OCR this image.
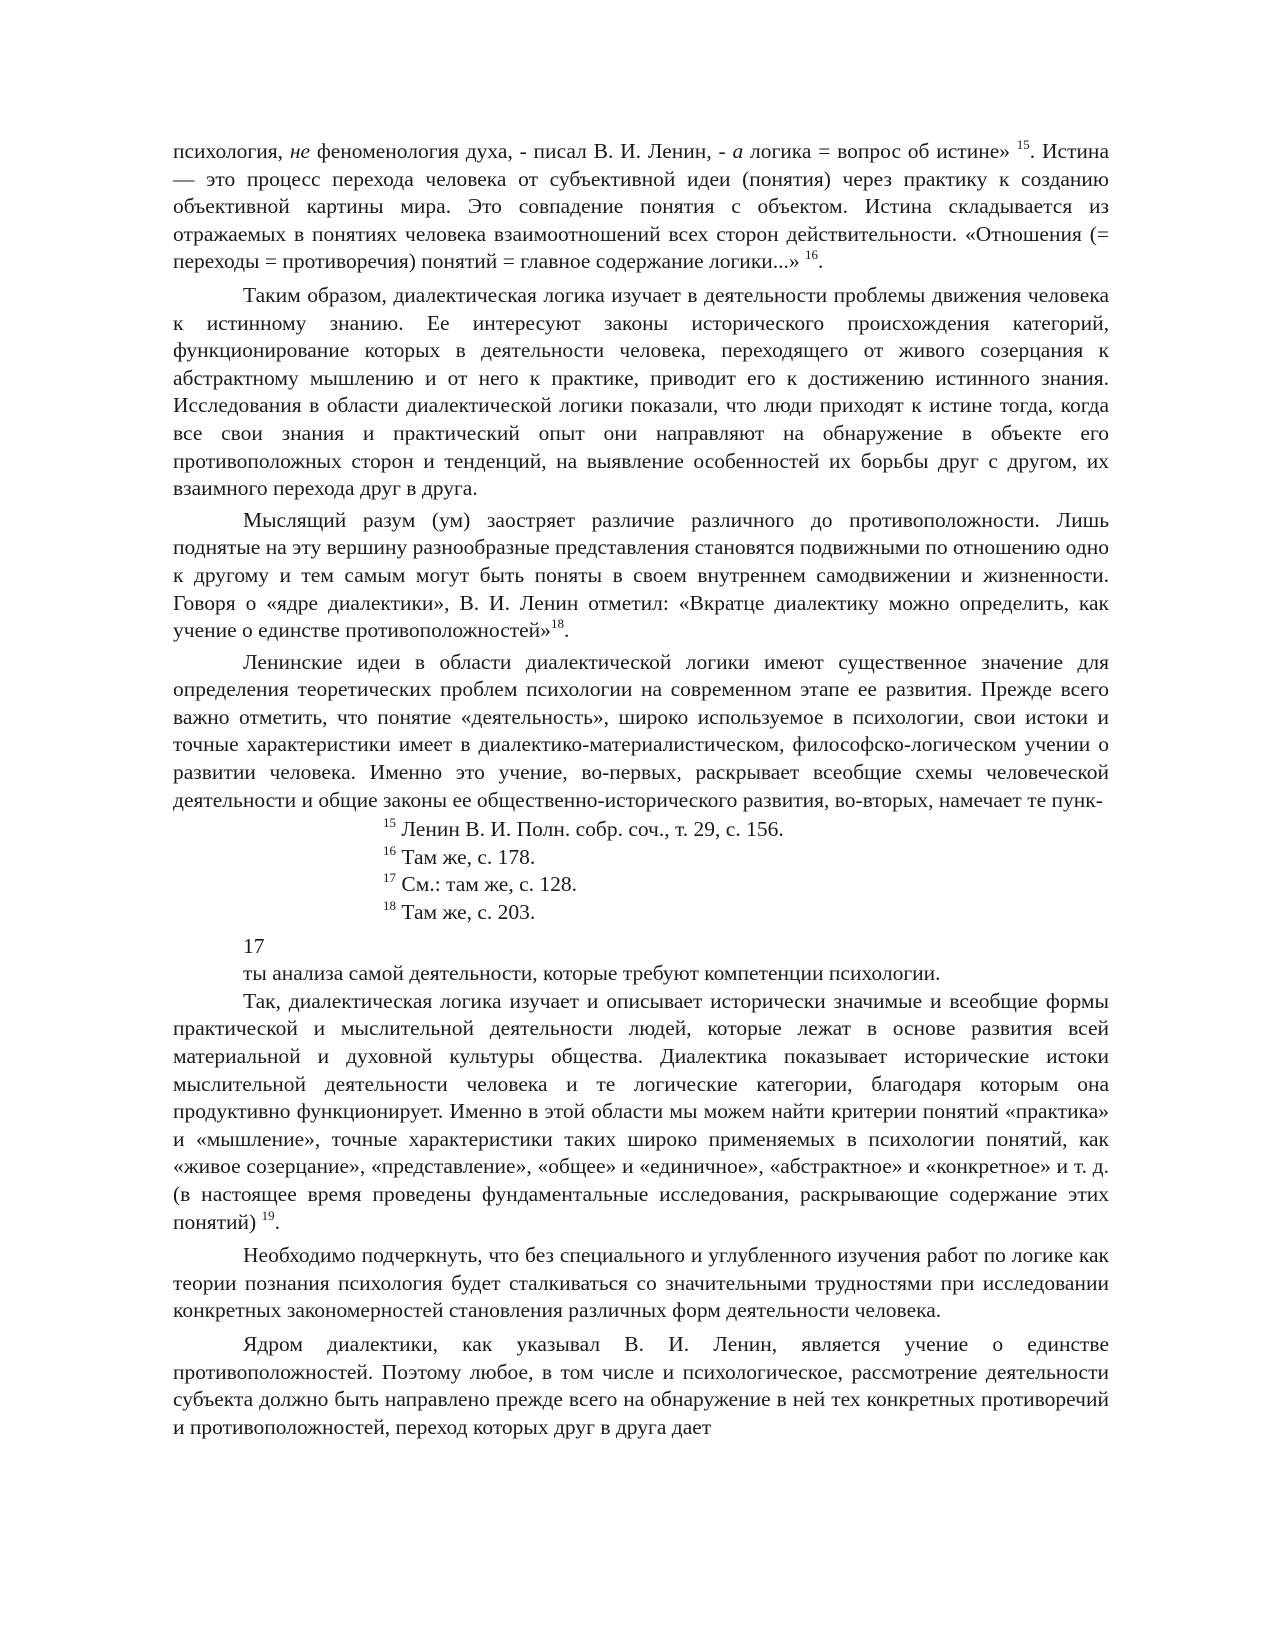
психология, не феноменология духа, - писал В. И. Ленин, - а логика = вопрос об истине» $^{15}$. Истина — это процесс перехода человека от субъективной идеи (понятия) через практику к созданию объективной картины мира. Это совпадение понятия с объектом. Истина складывается из отражаемых в понятиях человека взаимоотношений всех сторон действительности. «Отношения (= переходы = противоречия) понятий = главное содержание логики...» $^{16}$.

Таким образом, диалектическая логика изучает в деятельности проблемы движения человека к истинному знанию. Ее интересуют законы исторического происхождения категорий, функционирование которых в деятельности человека, переходящего от живого созерцания к абстрактному мышлению и от него к практике, приводит его к достижению истинного знания. Исследования в области диалектической логики показали, что люди приходят к истине тогда, когда все свои знания и практический опыт они направляют на обнаружение в объекте его противоположных сторон и тенденций, на выявление особенностей их борьбы друг с другом, их взаимного перехода друг в друга.

Мыслящий разум (ум) заостряет различие различного до противоположности. Лишь поднятые на эту вершину разнообразные представления становятся подвижными по отношению одно к другому и тем самым могут быть поняты в своем внутреннем самодвижении и жизненности. Говоря о «ядре диалектики», В. И. Ленин отметил: «Вкратце диалектику можно определить, как учение о единстве противоположностей»$^{18}$.

Ленинские идеи в области диалектической логики имеют существенное значение для определения теоретических проблем психологии на современном этапе ее развития. Прежде всего важно отметить, что понятие «деятельность», широко используемое в психологии, свои истоки и точные характеристики имеет в диалектико-материалистическом, философско-логическом учении о развитии человека. Именно это учение, во-первых, раскрывает всеобщие схемы человеческой деятельности и общие законы ее общественно-исторического развития, во-вторых, намечает те пунк-

$^{15}$ Ленин В. И. Полн. собр. соч., т. 29, с. 156.

$^{16}$ Там же, с. 178.

$^{17}$ См.: там же, с. 128.

$^{18}$ Там же, с. 203.

17

ты анализа самой деятельности, которые требуют компетенции психологии.

Так, диалектическая логика изучает и описывает исторически значимые и всеобщие формы практической и мыслительной деятельности людей, которые лежат в основе развития всей материальной и духовной культуры общества. Диалектика показывает исторические истоки мыслительной деятельности человека и те логические категории, благодаря которым она продуктивно функционирует. Именно в этой области мы можем найти критерии понятий «практика» и «мышление», точные характеристики таких широко применяемых в психологии понятий, как «живое созерцание», «представление», «общее» и «единичное», «абстрактное» и «конкретное» и т. д. (в настоящее время проведены фундаментальные исследования, раскрывающие содержание этих понятий) $^{19}$.

Необходимо подчеркнуть, что без специального и углубленного изучения работ по логике как теории познания психология будет сталкиваться со значительными трудностями при исследовании конкретных закономерностей становления различных форм деятельности человека.

Ядром диалектики, как указывал В. И. Ленин, является учение о единстве противоположностей. Поэтому любое, в том числе и психологическое, рассмотрение деятельности субъекта должно быть направлено прежде всего на обнаружение в ней тех конкретных противоречий и противоположностей, переход которых друг в друга дает
